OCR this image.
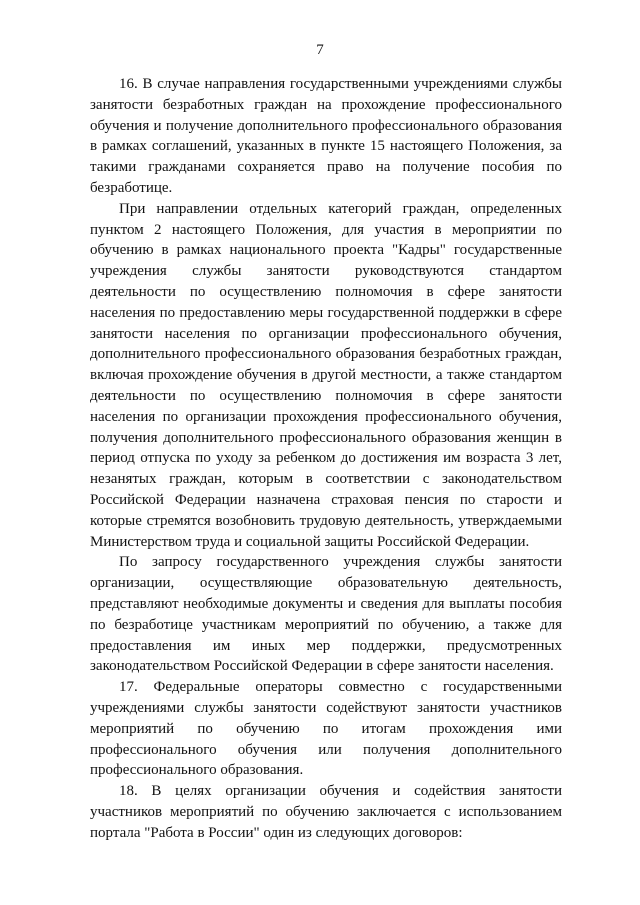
7

16. В случае направления государственными учреждениями службы занятости безработных граждан на прохождение профессионального обучения и получение дополнительного профессионального образования в рамках соглашений, указанных в пункте 15 настоящего Положения, за такими гражданами сохраняется право на получение пособия по безработице.

При направлении отдельных категорий граждан, определенных пунктом 2 настоящего Положения, для участия в мероприятии по обучению в рамках национального проекта "Кадры" государственные учреждения службы занятости руководствуются стандартом деятельности по осуществлению полномочия в сфере занятости населения по предоставлению меры государственной поддержки в сфере занятости населения по организации профессионального обучения, дополнительного профессионального образования безработных граждан, включая прохождение обучения в другой местности, а также стандартом деятельности по осуществлению полномочия в сфере занятости населения по организации прохождения профессионального обучения, получения дополнительного профессионального образования женщин в период отпуска по уходу за ребенком до достижения им возраста 3 лет, незанятых граждан, которым в соответствии с законодательством Российской Федерации назначена страховая пенсия по старости и которые стремятся возобновить трудовую деятельность, утверждаемыми Министерством труда и социальной защиты Российской Федерации.

По запросу государственного учреждения службы занятости организации, осуществляющие образовательную деятельность, представляют необходимые документы и сведения для выплаты пособия по безработице участникам мероприятий по обучению, а также для предоставления им иных мер поддержки, предусмотренных законодательством Российской Федерации в сфере занятости населения.

17. Федеральные операторы совместно с государственными учреждениями службы занятости содействуют занятости участников мероприятий по обучению по итогам прохождения ими профессионального обучения или получения дополнительного профессионального образования.

18. В целях организации обучения и содействия занятости участников мероприятий по обучению заключается с использованием портала "Работа в России" один из следующих договоров:
